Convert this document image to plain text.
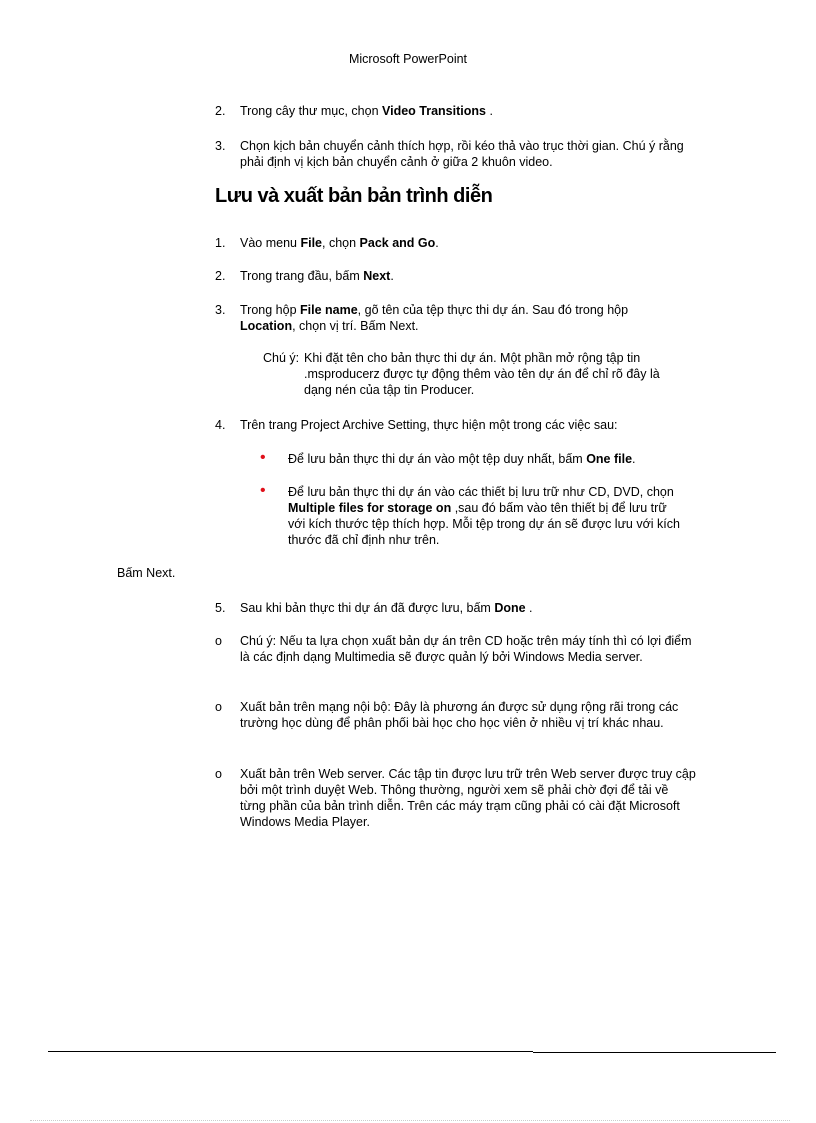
Microsoft PowerPoint
2. Trong cây thư mục, chọn Video Transitions .
3. Chọn kịch bản chuyển cảnh thích hợp, rồi kéo thả vào trục thời gian. Chú ý rằng phải định vị kịch bản chuyển cảnh ở giữa 2 khuôn video.
Lưu và xuất bản bản trình diễn
1. Vào menu File, chọn Pack and Go.
2. Trong trang đầu, bấm Next.
3. Trong hộp File name, gõ tên của tệp thực thi dự án. Sau đó trong hộp Location, chọn vị trí. Bấm Next.
Chú ý: Khi đặt tên cho bản thực thi dự án. Một phần mở rộng tập tin .msproducerz được tự động thêm vào tên dự án để chỉ rõ đây là dạng nén của tập tin Producer.
4. Trên trang Project Archive Setting, thực hiện một trong các việc sau:
• Để lưu bản thực thi dự án vào một tệp duy nhất, bấm One file.
• Để lưu bản thực thi dự án vào các thiết bị lưu trữ như CD, DVD, chọn Multiple files for storage on ,sau đó bấm vào tên thiết bị để lưu trữ với kích thước tệp thích hợp. Mỗi tệp trong dự án sẽ được lưu với kích thước đã chỉ định như trên.
Bấm Next.
5. Sau khi bản thực thi dự án đã được lưu, bấm Done .
o Chú ý: Nếu ta lựa chọn xuất bản dự án trên CD hoặc trên máy tính thì có lợi điểm là các định dạng Multimedia sẽ được quản lý bởi Windows Media server.
o Xuất bản trên mạng nội bộ: Đây là phương án được sử dụng rộng rãi trong các trường học dùng để phân phối bài học cho học viên ở nhiều vị trí khác nhau.
o Xuất bản trên Web server. Các tập tin được lưu trữ trên Web server được truy cập bởi một trình duyệt Web. Thông thường, người xem sẽ phải chờ đợi để tải về từng phần của bản trình diễn. Trên các máy trạm cũng phải có cài đặt Microsoft Windows Media Player.
